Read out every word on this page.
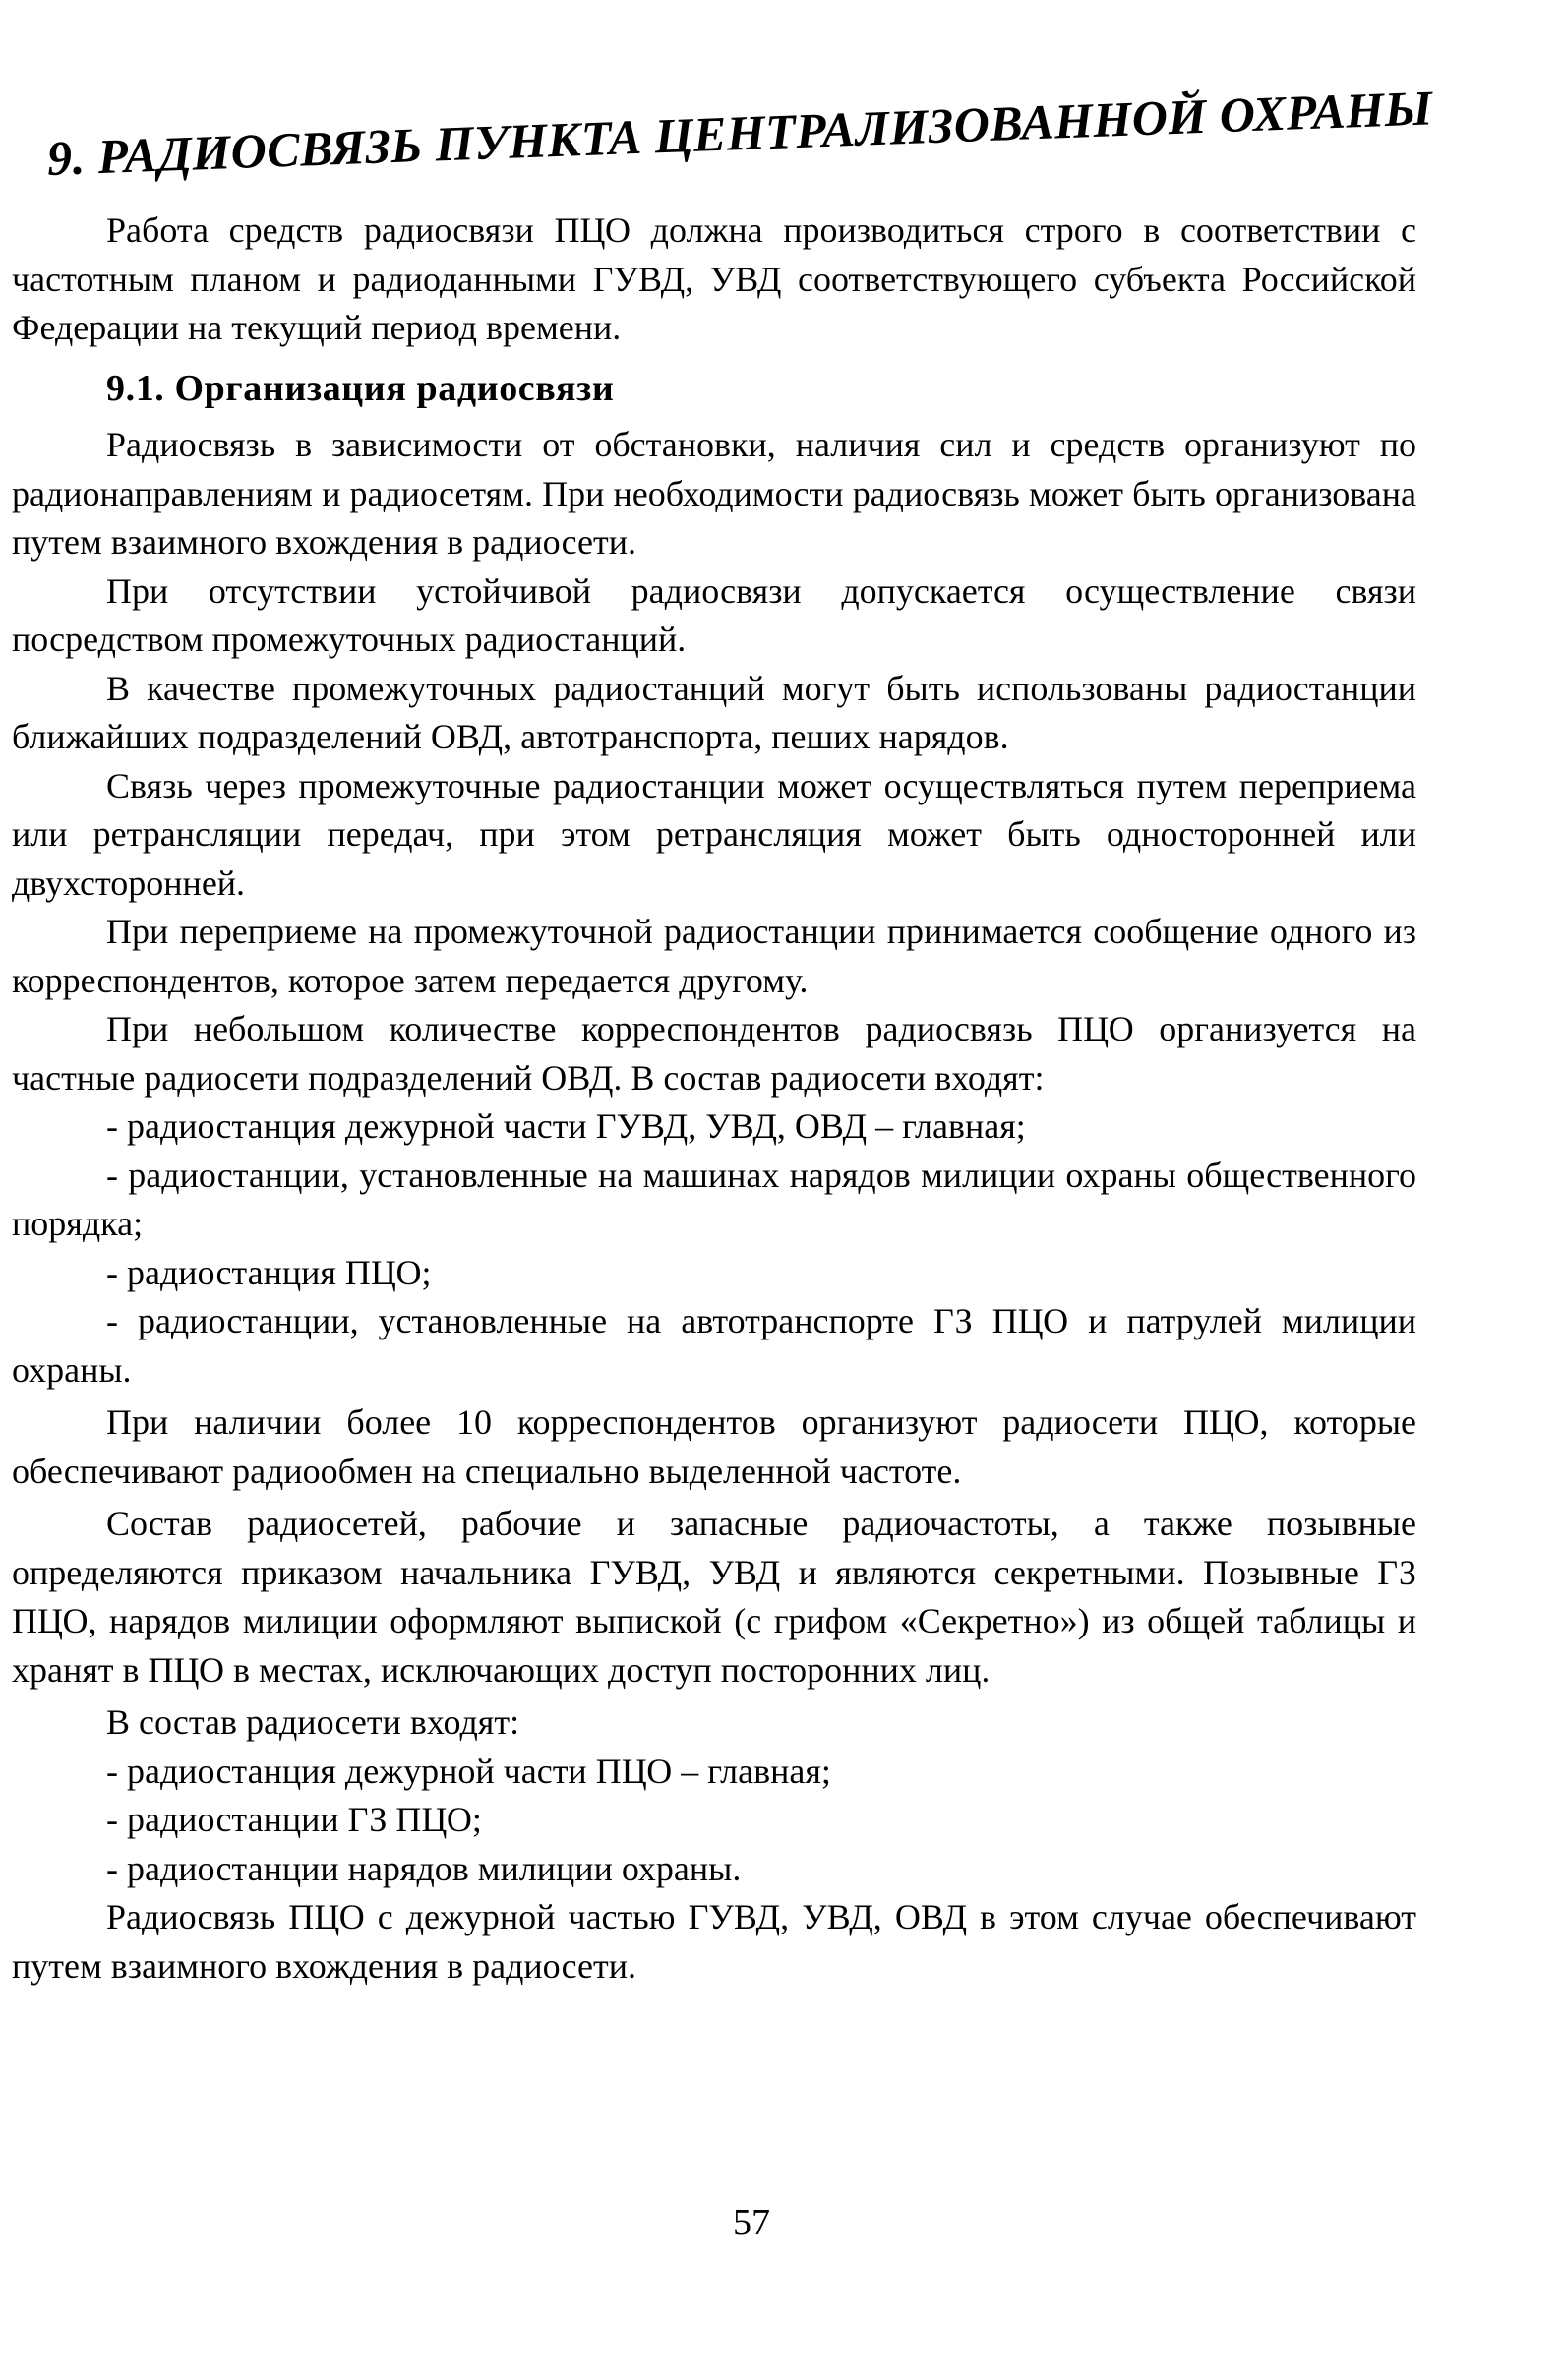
9. РАДИОСВЯЗЬ ПУНКТА ЦЕНТРАЛИЗОВАННОЙ ОХРАНЫ

Работа средств радиосвязи ПЦО должна производиться строго в соответствии с частотным планом и радиоданными ГУВД, УВД соответствующего субъекта Российской Федерации на текущий период времени.

9.1. Организация радиосвязи

Радиосвязь в зависимости от обстановки, наличия сил и средств организуют по радионаправлениям и радиосетям. При необходимости радиосвязь может быть организована путем взаимного вхождения в радиосети.

При отсутствии устойчивой радиосвязи допускается осуществление связи посредством промежуточных радиостанций.

В качестве промежуточных радиостанций могут быть использованы радиостанции ближайших подразделений ОВД, автотранспорта, пеших нарядов.

Связь через промежуточные радиостанции может осуществляться путем переприема или ретрансляции передач, при этом ретрансляция может быть односторонней или двухсторонней.

При переприеме на промежуточной радиостанции принимается сообщение одного из корреспондентов, которое затем передается другому.

При небольшом количестве корреспондентов радиосвязь ПЦО организуется на частные радиосети подразделений ОВД. В состав радиосети входят:

- радиостанция дежурной части ГУВД, УВД, ОВД – главная;

- радиостанции, установленные на машинах нарядов милиции охраны общественного порядка;

- радиостанция ПЦО;

- радиостанции, установленные на автотранспорте ГЗ ПЦО и патрулей милиции охраны.

При наличии более 10 корреспондентов организуют радиосети ПЦО, которые обеспечивают радиообмен на специально выделенной частоте.

Состав радиосетей, рабочие и запасные радиочастоты, а также позывные определяются приказом начальника ГУВД, УВД и являются секретными. Позывные ГЗ ПЦО, нарядов милиции оформляют выпиской (с грифом «Секретно») из общей таблицы и хранят в ПЦО в местах, исключающих доступ посторонних лиц.

В состав радиосети входят:

- радиостанция дежурной части ПЦО – главная;

- радиостанции ГЗ ПЦО;

- радиостанции нарядов милиции охраны.

Радиосвязь ПЦО с дежурной частью ГУВД, УВД, ОВД в этом случае обеспечивают путем взаимного вхождения в радиосети.

57
